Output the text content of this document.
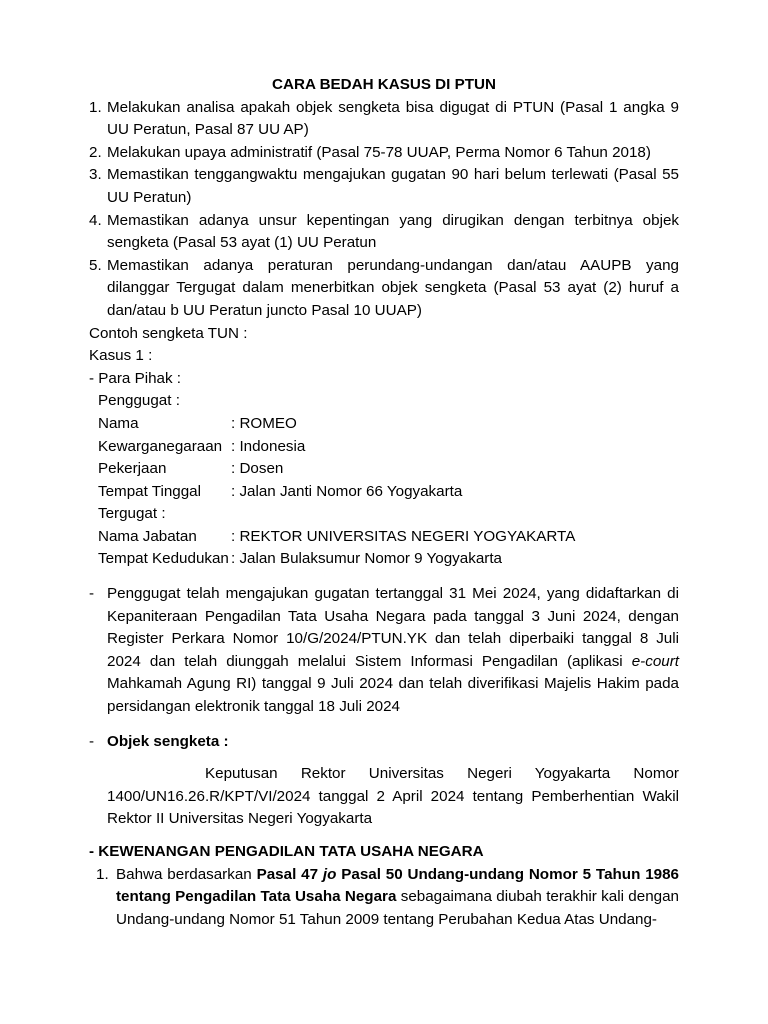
CARA BEDAH KASUS DI PTUN
1. Melakukan analisa apakah objek sengketa bisa digugat di PTUN (Pasal 1 angka 9 UU Peratun, Pasal 87 UU AP)
2. Melakukan upaya administratif (Pasal 75-78 UUAP, Perma Nomor 6 Tahun 2018)
3. Memastikan tenggangwaktu mengajukan gugatan 90 hari belum terlewati (Pasal 55 UU Peratun)
4. Memastikan adanya unsur kepentingan yang dirugikan dengan terbitnya objek sengketa (Pasal 53 ayat (1) UU Peratun
5. Memastikan adanya peraturan perundang-undangan dan/atau AAUPB yang dilanggar Tergugat dalam menerbitkan objek sengketa (Pasal 53 ayat (2) huruf a dan/atau b UU Peratun juncto Pasal 10 UUAP)
Contoh sengketa TUN :
Kasus 1 :
- Para Pihak :
Penggugat :
Nama	: ROMEO
Kewarganegaraan : Indonesia
Pekerjaan	: Dosen
Tempat Tinggal	: Jalan Janti Nomor 66 Yogyakarta
Tergugat :
Nama Jabatan	: REKTOR UNIVERSITAS NEGERI YOGYAKARTA
Tempat Kedudukan : Jalan Bulaksumur Nomor 9 Yogyakarta
- Penggugat telah mengajukan gugatan tertanggal 31 Mei 2024, yang didaftarkan di Kepaniteraan Pengadilan Tata Usaha Negara pada tanggal 3 Juni 2024, dengan Register Perkara Nomor 10/G/2024/PTUN.YK dan telah diperbaiki tanggal 8 Juli 2024 dan telah diunggah melalui Sistem Informasi Pengadilan (aplikasi e-court Mahkamah Agung RI) tanggal 9 Juli 2024 dan telah diverifikasi Majelis Hakim pada persidangan elektronik tanggal 18 Juli 2024
- Objek sengketa :
Keputusan Rektor Universitas Negeri Yogyakarta Nomor 1400/UN16.26.R/KPT/VI/2024 tanggal 2 April 2024 tentang Pemberhentian Wakil Rektor II Universitas Negeri Yogyakarta
- KEWENANGAN PENGADILAN TATA USAHA NEGARA
1. Bahwa berdasarkan Pasal 47 jo Pasal 50 Undang-undang Nomor 5 Tahun 1986 tentang Pengadilan Tata Usaha Negara sebagaimana diubah terakhir kali dengan Undang-undang Nomor 51 Tahun 2009 tentang Perubahan Kedua Atas Undang-
